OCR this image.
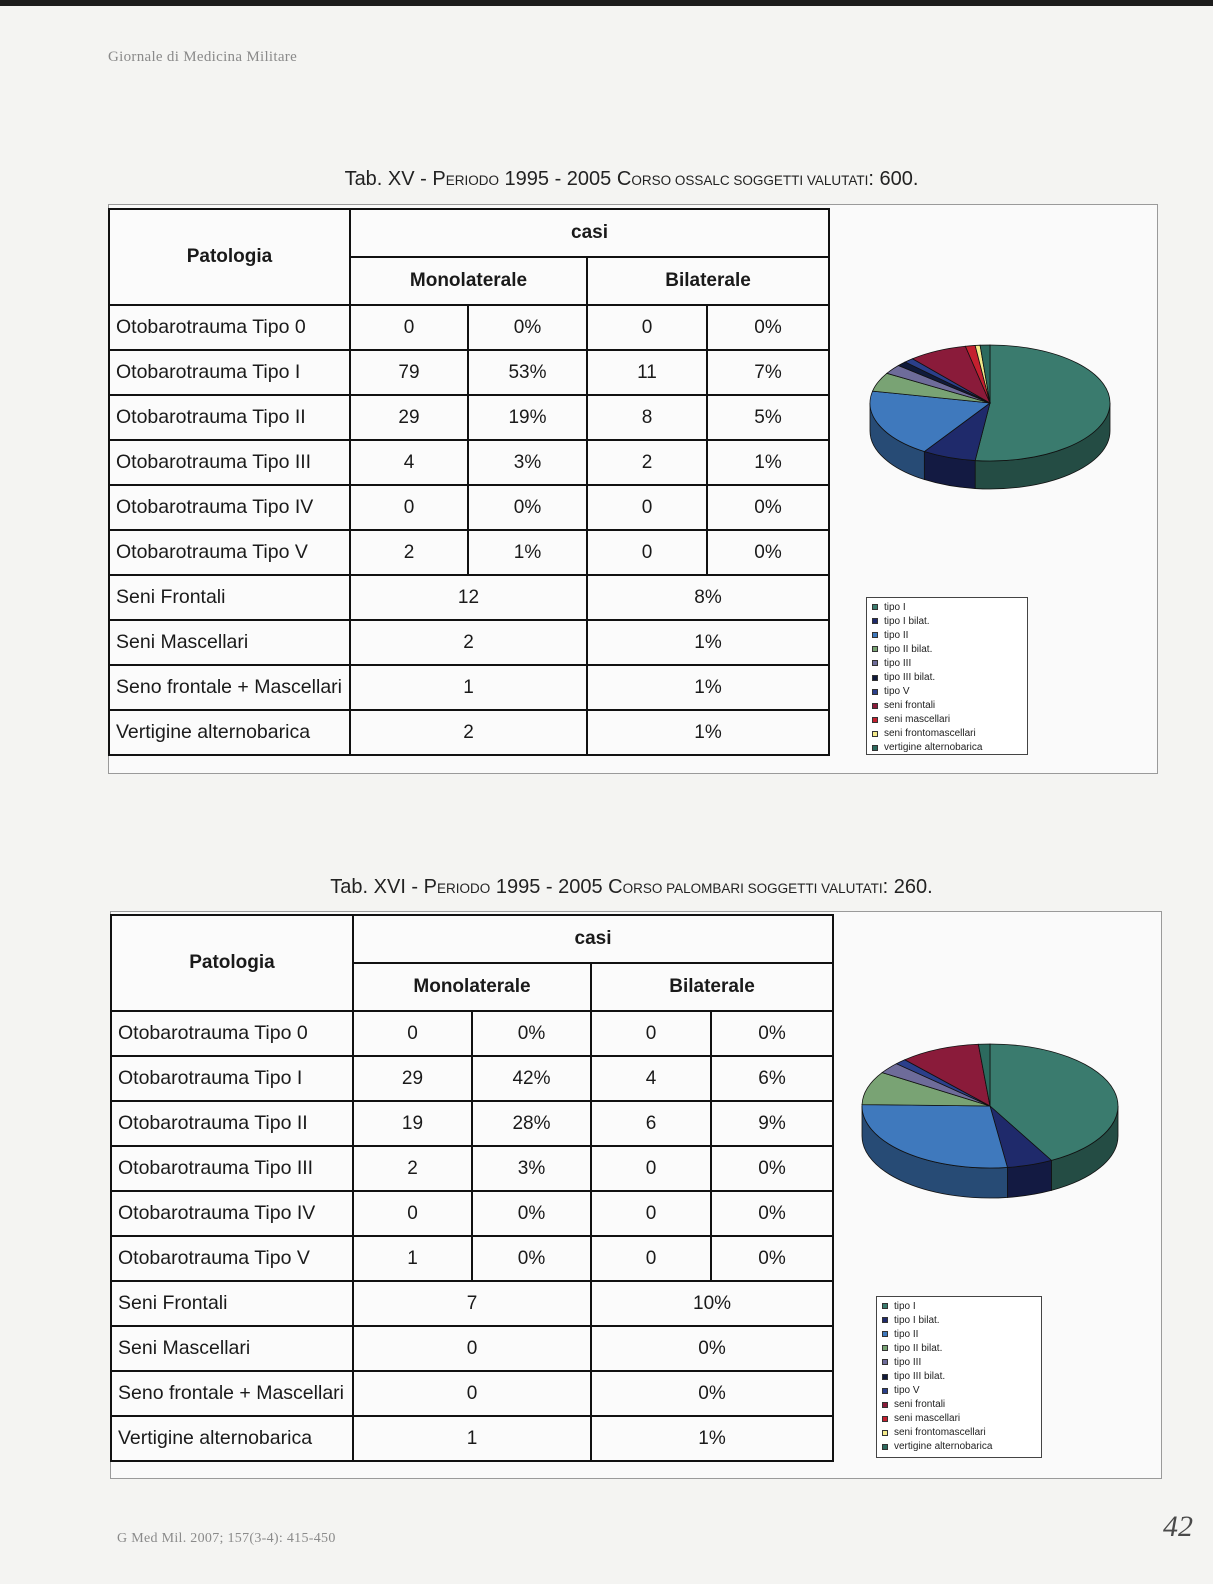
Giornale di Medicina Militare
Tab. XV - PERIODO 1995 - 2005 CORSO OSSALC SOGGETTI VALUTATI: 600.
Patologia	casi			
	Monolaterale		Bilaterale	
Otobarotrauma Tipo 0	0	0%	0	0%
Otobarotrauma Tipo I	79	53%	11	7%
Otobarotrauma Tipo II	29	19%	8	5%
Otobarotrauma Tipo III	4	3%	2	1%
Otobarotrauma Tipo IV	0	0%	0	0%
Otobarotrauma Tipo V	2	1%	0	0%
Seni Frontali	12		8%	
Seni Mascellari	2		1%	
Seno frontale + Mascellari	1		1%	
Vertigine alternobarica	2		1%	
tipo I
tipo I bilat.
tipo II
tipo II bilat.
tipo III
tipo III bilat.
tipo V
seni frontali
seni mascellari
seni frontomascellari
vertigine alternobarica
Tab. XVI - PERIODO 1995 - 2005 CORSO PALOMBARI SOGGETTI VALUTATI: 260.
Patologia	casi			
	Monolaterale		Bilaterale	
Otobarotrauma Tipo 0	0	0%	0	0%
Otobarotrauma Tipo I	29	42%	4	6%
Otobarotrauma Tipo II	19	28%	6	9%
Otobarotrauma Tipo III	2	3%	0	0%
Otobarotrauma Tipo IV	0	0%	0	0%
Otobarotrauma Tipo V	1	0%	0	0%
Seni Frontali	7		10%	
Seni Mascellari	0		0%	
Seno frontale + Mascellari	0		0%	
Vertigine alternobarica	1		1%	
tipo I
tipo I bilat.
tipo II
tipo II bilat.
tipo III
tipo III bilat.
tipo V
seni frontali
seni mascellari
seni frontomascellari
vertigine alternobarica
G Med Mil. 2007; 157(3-4): 415-450	42
